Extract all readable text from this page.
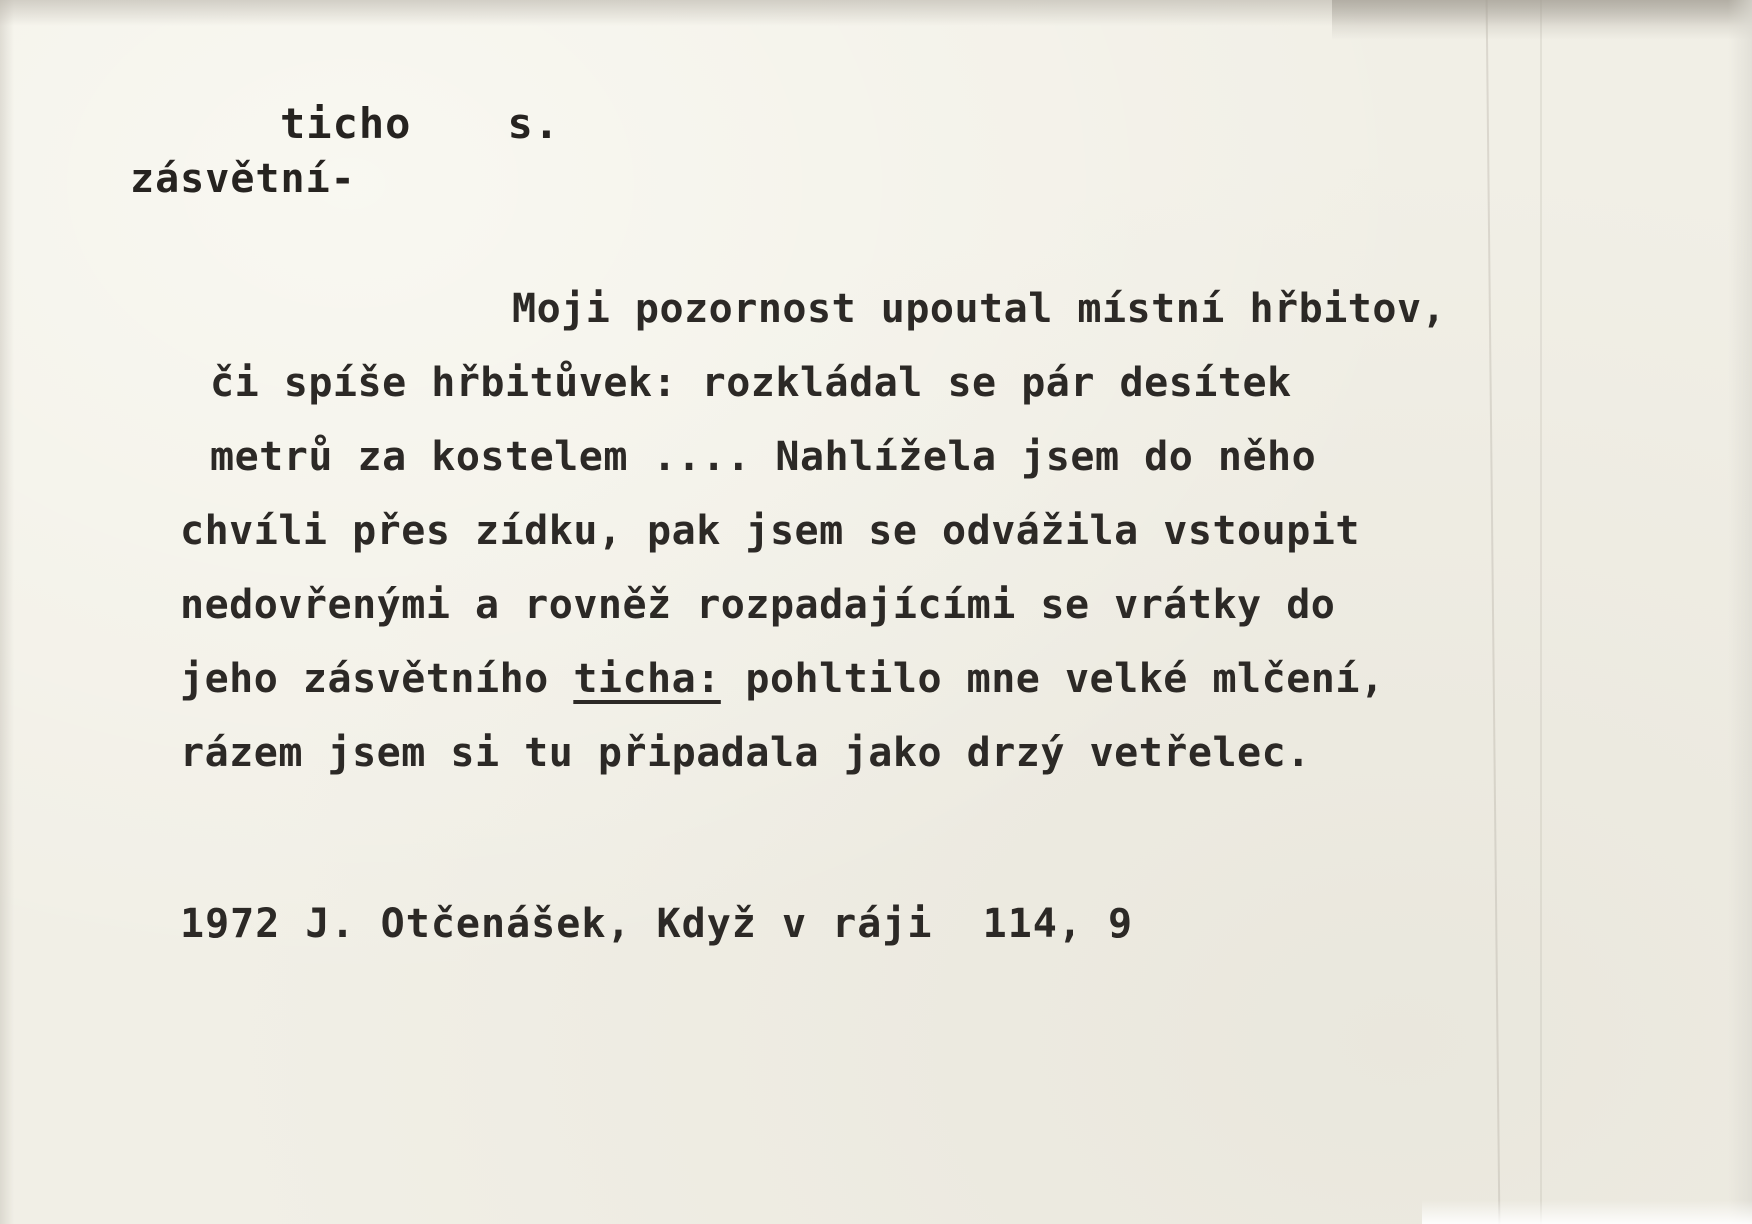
ticho s.
zásvětní-
Moji pozornost upoutal místní hřbitov,
či spíše hřbitůvek: rozkládal se pár desítek
metrů za kostelem .... Nahlížela jsem do něho
chvíli přes zídku, pak jsem se odvážila vstoupit
nedovřenými a rovněž rozpadajícími se vrátky do
jeho zásvětního ticha: pohltilo mne velké mlčení,
rázem jsem si tu připadala jako drzý vetřelec.
1972 J. Otčenášek, Když v ráji  114, 9
